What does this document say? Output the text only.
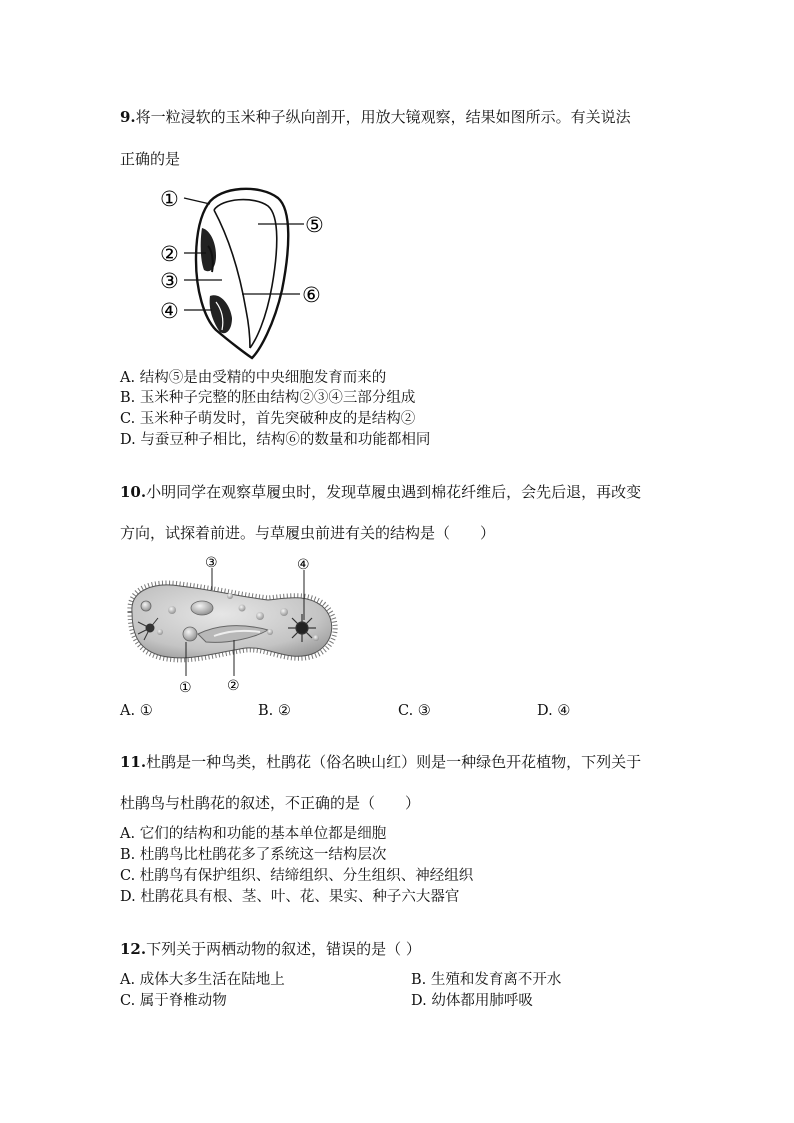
9.将一粒浸软的玉米种子纵向剖开，用放大镜观察，结果如图所示。有关说法
正确的是
①
②
③
④
⑤
⑥
A. 结构⑤是由受精的中央细胞发育而来的
B. 玉米种子完整的胚由结构②③④三部分组成
C. 玉米种子萌发时，首先突破种皮的是结构②
D. 与蚕豆种子相比，结构⑥的数量和功能都相同
10.小明同学在观察草履虫时，发现草履虫遇到棉花纤维后，会先后退，再改变
方向，试探着前进。与草履虫前进有关的结构是（　　）
③	④
①	②
A. ①	B. ②	C. ③	D. ④
11.杜鹃是一种鸟类，杜鹃花（俗名映山红）则是一种绿色开花植物，下列关于
杜鹃鸟与杜鹃花的叙述，不正确的是（　　）
A. 它们的结构和功能的基本单位都是细胞
B. 杜鹃鸟比杜鹃花多了系统这一结构层次
C. 杜鹃鸟有保护组织、结缔组织、分生组织、神经组织
D. 杜鹃花具有根、茎、叶、花、果实、种子六大器官
12.下列关于两栖动物的叙述，错误的是（ ）
A. 成体大多生活在陆地上	B. 生殖和发育离不开水
C. 属于脊椎动物	D. 幼体都用肺呼吸
